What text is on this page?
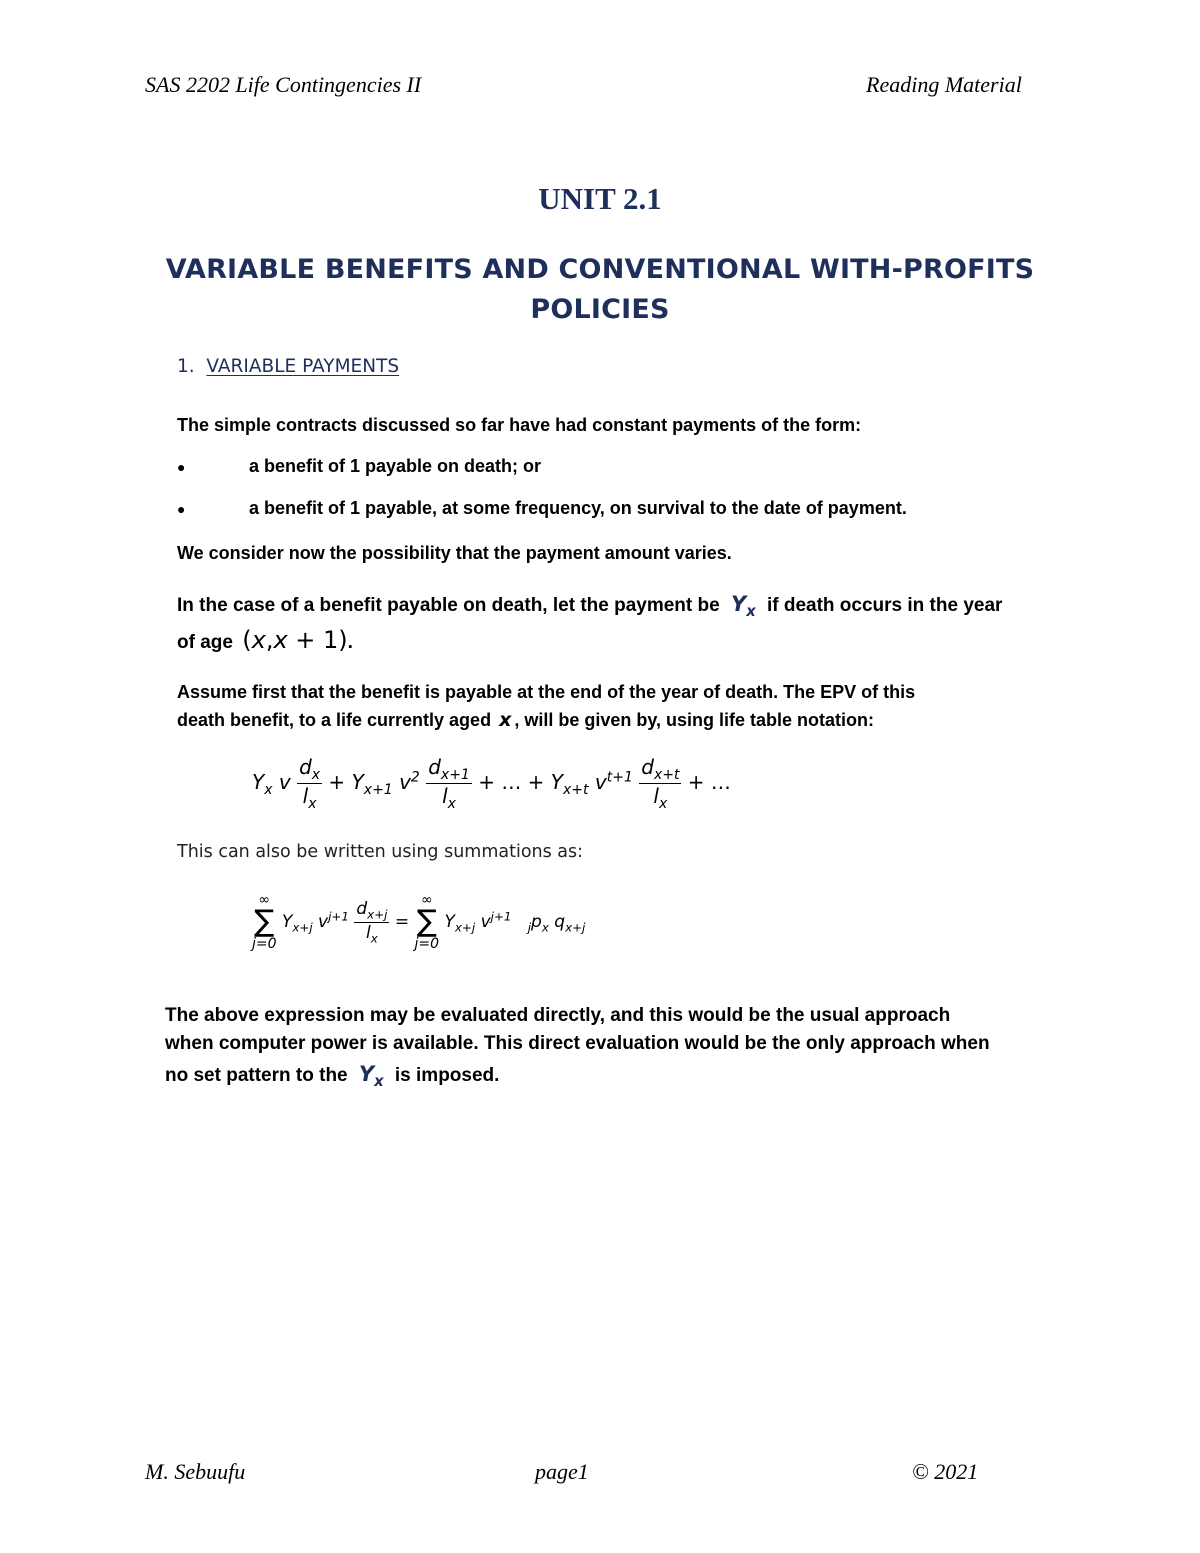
SAS 2202 Life Contingencies II	Reading Material
UNIT 2.1
VARIABLE BENEFITS AND CONVENTIONAL WITH-PROFITS
POLICIES
1. VARIABLE PAYMENTS
The simple contracts discussed so far have had constant payments of the form:
●	a benefit of 1 payable on death; or
●	a benefit of 1 payable, at some frequency, on survival to the date of payment.
We consider now the possibility that the payment amount varies.
In the case of a benefit payable on death, let the payment be $Y_x$ if death occurs in the year
of age (x,x + 1).
Assume first that the benefit is payable at the end of the year of death. The EPV of this
death benefit, to a life currently aged x , will be given by, using life table notation:
$Y_x$ v $\frac{d_x}{l_x} + Y_{x+1}$ $v^2 \frac{d_{x+1}}{l_x}$ + … + $Y_{x+t}$ $v^{t+1} \frac{d_{x+t}}{l_x}$ + …
This can also be written using summations as:
∞
∑
j=0
$Y_{x+j}$ $v^{j+1} \frac{d_{x+j}}{l_x}$ =
∞
∑
j=0
$Y_{x+j}$ $v^{j+1}$   $_jp_x$ $q_{x+j}$
The above expression may be evaluated directly, and this would be the usual approach
when computer power is available. This direct evaluation would be the only approach when
no set pattern to the $Y_x$ is imposed.
M. Sebuufu	page1	© 2021
